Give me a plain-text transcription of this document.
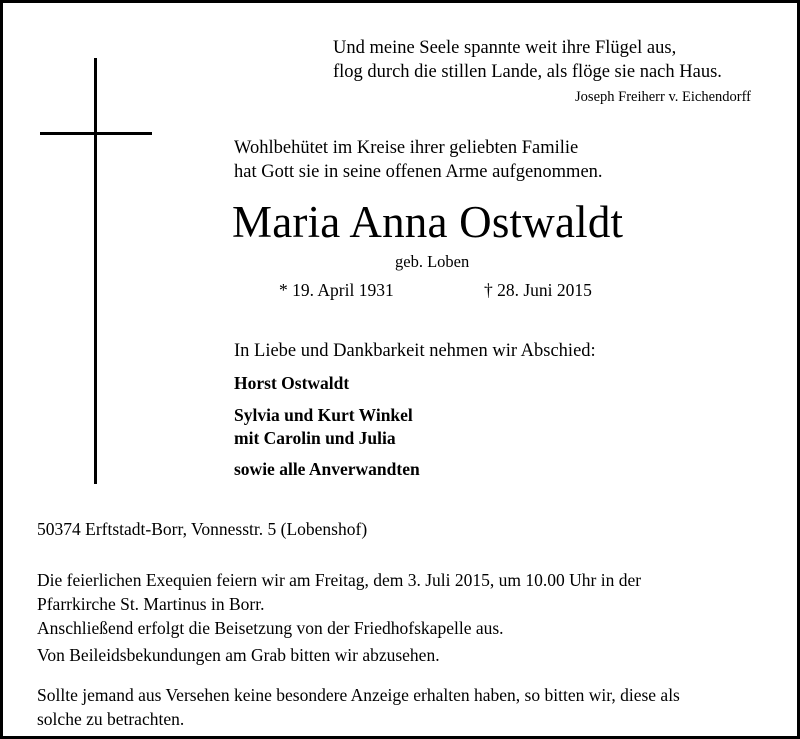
Und meine Seele spannte weit ihre Flügel aus,
flog durch die stillen Lande, als flöge sie nach Haus.
Joseph Freiherr v. Eichendorff
Wohlbehütet im Kreise ihrer geliebten Familie
hat Gott sie in seine offenen Arme aufgenommen.
Maria Anna Ostwaldt
geb. Loben
* 19. April 1931	† 28. Juni 2015
In Liebe und Dankbarkeit nehmen wir Abschied:
Horst Ostwaldt
Sylvia und Kurt Winkel
mit Carolin und Julia
sowie alle Anverwandten
50374 Erftstadt-Borr, Vonnesstr. 5 (Lobenshof)
Die feierlichen Exequien feiern wir am Freitag, dem 3. Juli 2015, um 10.00 Uhr in der
Pfarrkirche St. Martinus in Borr.
Anschließend erfolgt die Beisetzung von der Friedhofskapelle aus.
Von Beileidsbekundungen am Grab bitten wir abzusehen.
Sollte jemand aus Versehen keine besondere Anzeige erhalten haben, so bitten wir, diese als
solche zu betrachten.
